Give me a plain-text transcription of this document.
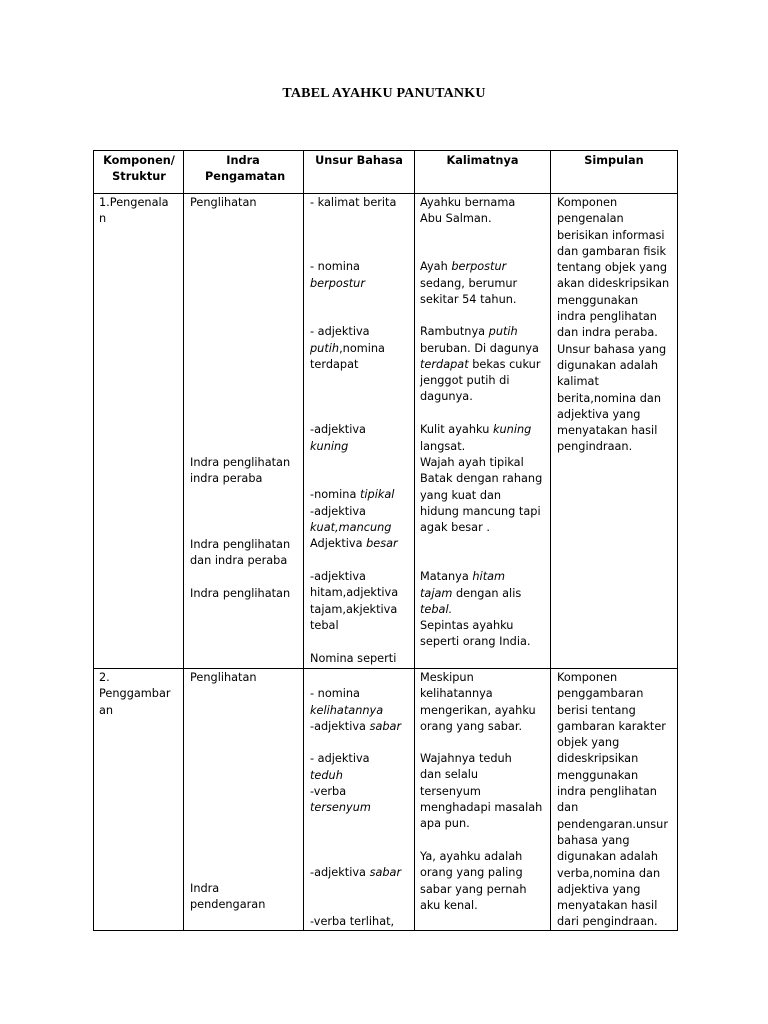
TABEL AYAHKU PANUTANKU
Komponen/ Struktur
Indra Pengamatan
Unsur Bahasa	Kalimatnya	Simpulan
1.Pengenala
n
Penglihatan
Indra penglihatan
indra peraba
Indra penglihatan
dan indra peraba
Indra penglihatan
- kalimat berita

- nomina
berpostur

- adjektiva
putih,nomina
terdapat

-adjektiva
kuning

-nomina tipikal
-adjektiva
kuat,mancung
Adjektiva besar

-adjektiva
hitam,adjektiva
tajam,akjektiva
tebal
Nomina seperti
Ayahku bernama
Abu Salman.

Ayah berpostur
sedang, berumur
sekitar 54 tahun.

Rambutnya putih
beruban. Di dagunya
terdapat bekas cukur
jenggot putih di
dagunya.

Kulit ayahku kuning
langsat.

Wajah ayah tipikal
Batak dengan rahang
yang kuat dan
hidung mancung tapi
agak besar .

Matanya hitam
tajam dengan alis
tebal.

Sepintas ayahku
seperti orang India.
Komponen
pengenalan
berisikan informasi
dan gambaran fisik
tentang objek yang
akan dideskripsikan
menggunakan
indra penglihatan
dan indra peraba.
Unsur bahasa yang
digunakan adalah
kalimat
berita,nomina dan
adjektiva yang
menyatakan hasil
pengindraan.
2.
Penggambar
an
Penglihatan
Indra
pendengaran

- nomina
kelihatannya
-adjektiva sabar

- adjektiva
teduh
-verba
tersenyum

-adjektiva sabar

-verba terlihat,
Meskipun
kelihatannya
mengerikan, ayahku
orang yang sabar.
Wajahnya teduh
dan selalu
tersenyum
menghadapi masalah
apa pun.
Ya, ayahku adalah
orang yang paling
sabar yang pernah
aku kenal.
Komponen
penggambaran
berisi tentang
gambaran karakter
objek yang
dideskripsikan
menggunakan
indra penglihatan
dan
pendengaran.unsur
bahasa yang
digunakan adalah
verba,nomina dan
adjektiva yang
menyatakan hasil
dari pengindraan.
